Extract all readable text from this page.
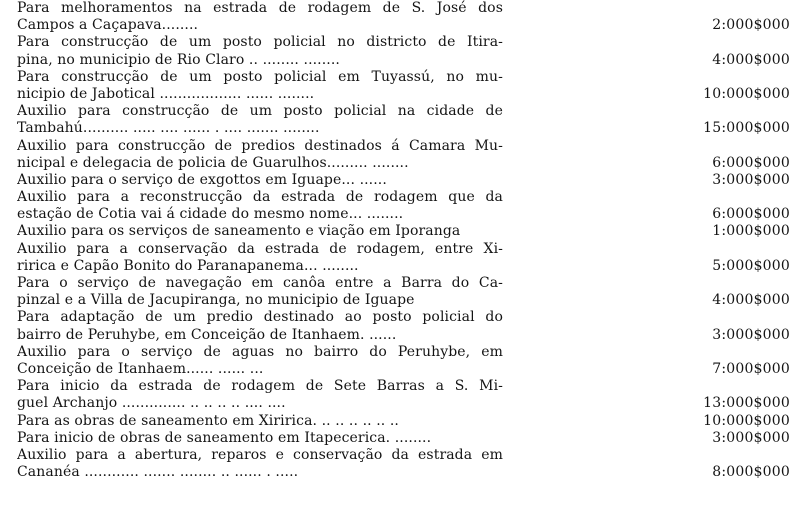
Para melhoramentos na estrada de rodagem de S. José dos
Campos a Caçapava........	2:000$000
Para construcção de um posto policial no districto de Itira-
pina, no municipio de Rio Claro .. ........ ........	4:000$000
Para construcção de um posto policial em Tuyassú, no mu-
nicipio de Jabotical .................. ...... ........	10:000$000
Auxilio para construcção de um posto policial na cidade de
Tambahú.......... ..... .... ...... . .... ....... ........	15:000$000
Auxilio para construcção de predios destinados á Camara Mu-
nicipal e delegacia de policia de Guarulhos......... ........	6:000$000
Auxilio para o serviço de exgottos em Iguape... ......	3:000$000
Auxilio para a reconstrucção da estrada de rodagem que da
estação de Cotia vai á cidade do mesmo nome... ........	6:000$000
Auxilio para os serviços de saneamento e viação em Iporanga	1:000$000
Auxilio para a conservação da estrada de rodagem, entre Xi-
ririca e Capão Bonito do Paranapanema... ........	5:000$000
Para o serviço de navegação em canôa entre a Barra do Ca-
pinzal e a Villa de Jacupiranga, no municipio de Iguape	4:000$000
Para adaptação de um predio destinado ao posto policial do
bairro de Peruhybe, em Conceição de Itanhaem. ......	3:000$000
Auxilio para o serviço de aguas no bairro do Peruhybe, em
Conceição de Itanhaem...... ...... ...	7:000$000
Para inicio da estrada de rodagem de Sete Barras a S. Mi-
guel Archanjo .............. .. .. .. .. .... ....	13:000$000
Para as obras de saneamento em Xiririca. .. .. .. .. .. ..	10:000$000
Para inicio de obras de saneamento em Itapecerica. ........	3:000$000
Auxilio para a abertura, reparos e conservação da estrada em
Cananéa ............ ....... ........ .. ...... . .....	8:000$000
